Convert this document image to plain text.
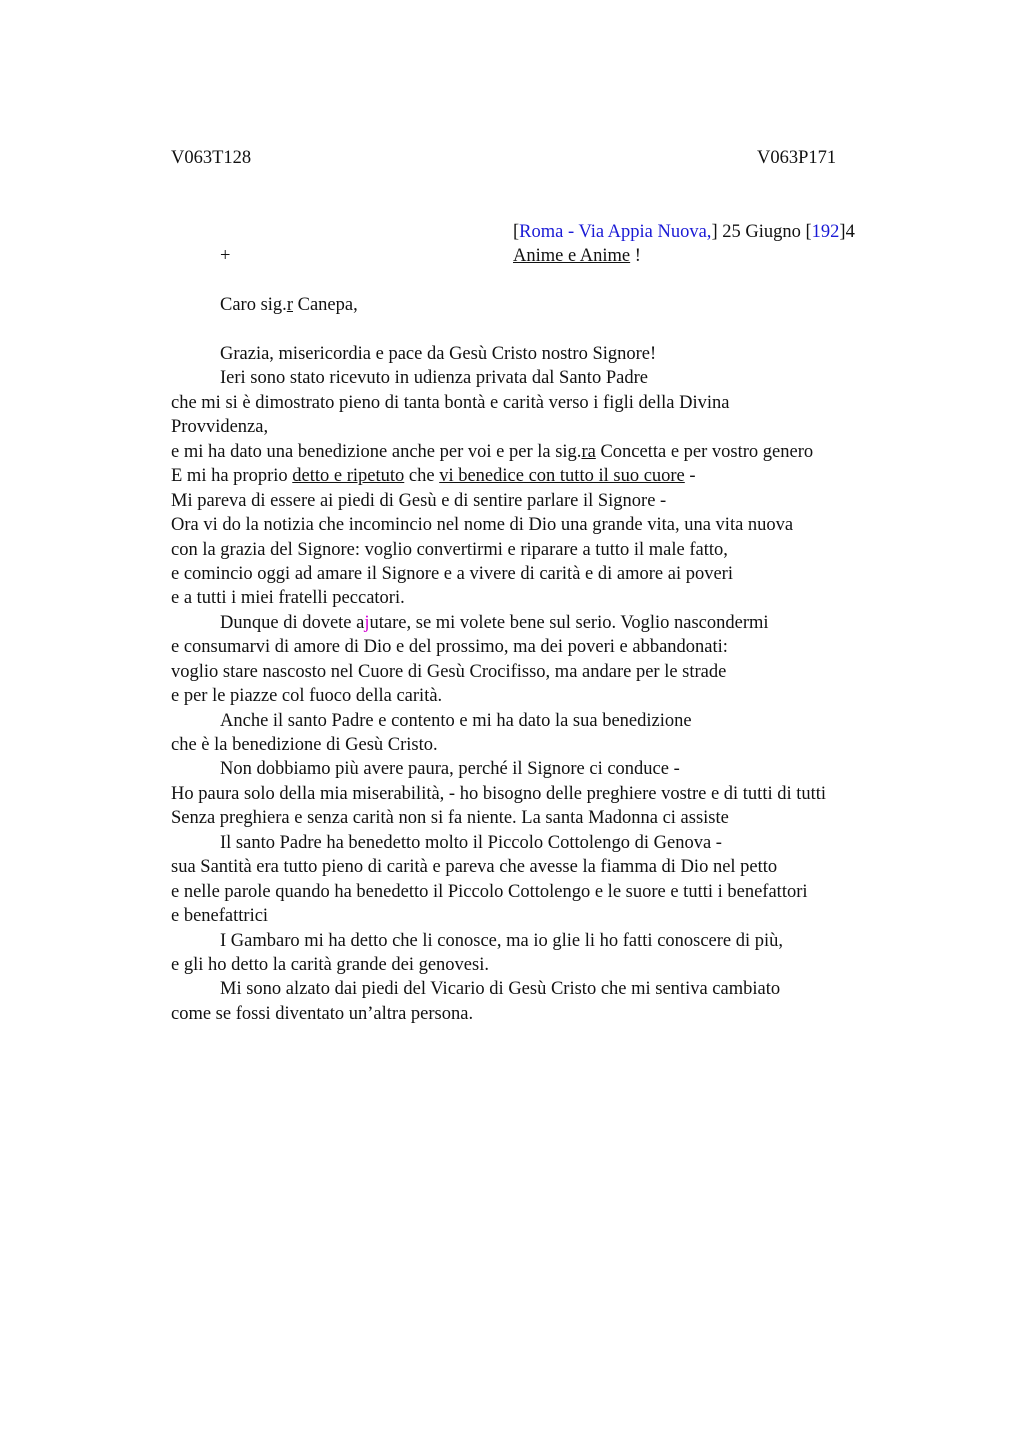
V063T128	V063P171
[Roma - Via Appia Nuova,] 25 Giugno [192]4
+	Anime e Anime !
Caro sig.r Canepa,
Grazia, misericordia e pace da Gesù Cristo nostro Signore!
Ieri sono stato ricevuto in udienza privata dal Santo Padre
che mi si è dimostrato pieno di tanta bontà e carità verso i figli della Divina
Provvidenza,
e mi ha dato una benedizione anche per voi e per la sig.ra Concetta e per vostro genero
E mi ha proprio detto e ripetuto che vi benedice con tutto il suo cuore -
Mi pareva di essere ai piedi di Gesù e di sentire parlare il Signore -
Ora vi do la notizia che incomincio nel nome di Dio una grande vita, una vita nuova
con la grazia del Signore: voglio convertirmi e riparare a tutto il male fatto,
e comincio oggi ad amare il Signore e a vivere di carità e di amore ai poveri
e a tutti i miei fratelli peccatori.
Dunque di dovete ajutare, se mi volete bene sul serio. Voglio nascondermi
e consumarvi di amore di Dio e del prossimo, ma dei poveri e abbandonati:
voglio stare nascosto nel Cuore di Gesù Crocifisso, ma andare per le strade
e per le piazze col fuoco della carità.
Anche il santo Padre e contento e mi ha dato la sua benedizione
che è la benedizione di Gesù Cristo.
Non dobbiamo più avere paura, perché il Signore ci conduce -
Ho paura solo della mia miserabilità, - ho bisogno delle preghiere vostre e di tutti di tutti
Senza preghiera e senza carità non si fa niente. La santa Madonna ci assiste
Il santo Padre ha benedetto molto il Piccolo Cottolengo di Genova -
sua Santità era tutto pieno di carità e pareva che avesse la fiamma di Dio nel petto
e nelle parole quando ha benedetto il Piccolo Cottolengo e le suore e tutti i benefattori
e benefattrici
I Gambaro mi ha detto che li conosce, ma io glie li ho fatti conoscere di più,
e gli ho detto la carità grande dei genovesi.
Mi sono alzato dai piedi del Vicario di Gesù Cristo che mi sentiva cambiato
come se fossi diventato un’altra persona.
